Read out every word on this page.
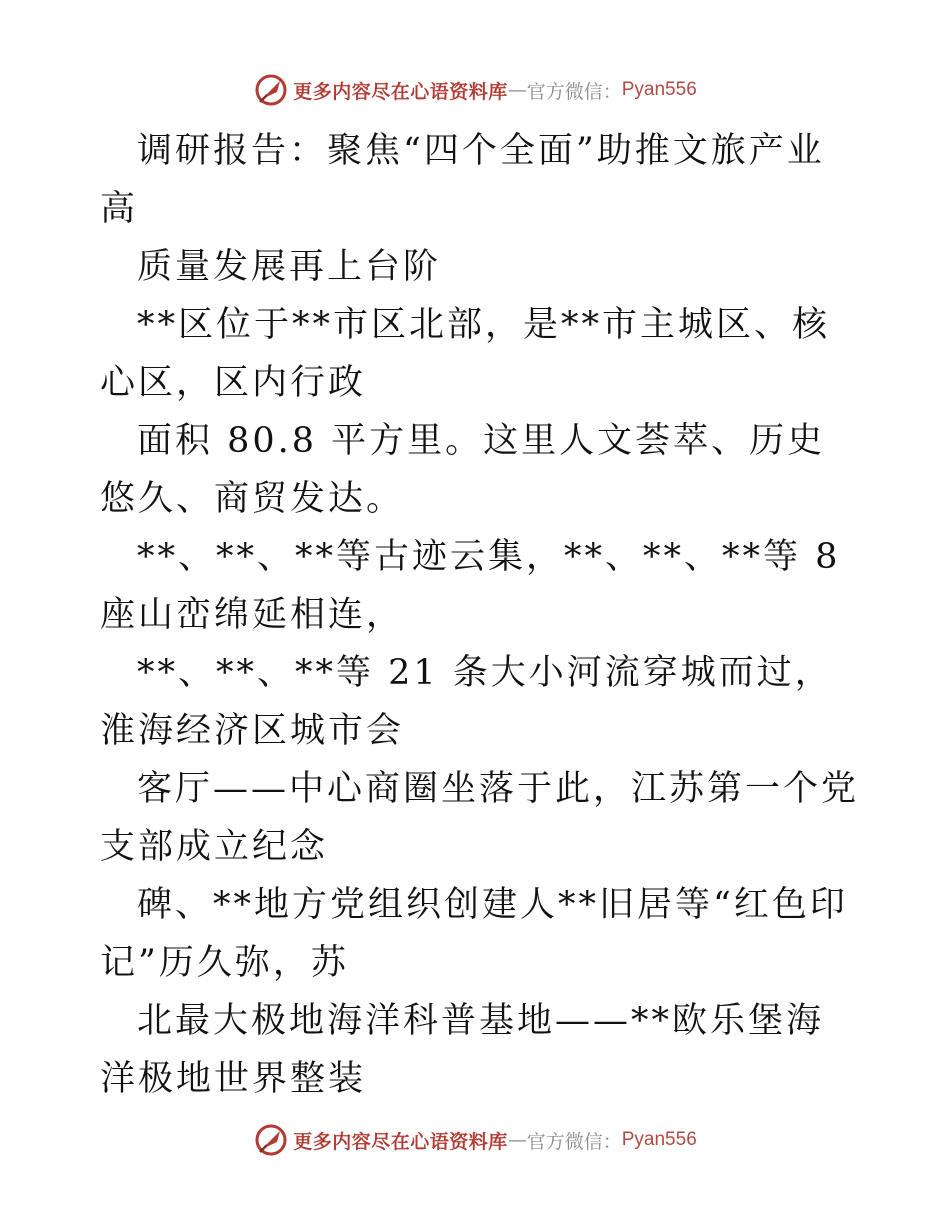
更多内容尽在心语资料库 — 官方微信： Pyan556

调研报告：聚焦“四个全面”助推文旅产业高

质量发展再上台阶

**区位于**市区北部，是**市主城区、核心区，区内行政

面积 80.8 平方里。这里人文荟萃、历史悠久、商贸发达。

**、**、**等古迹云集，**、**、**等 8 座山峦绵延相连，

**、**、**等 21 条大小河流穿城而过，淮海经济区城市会

客厅——中心商圈坐落于此，江苏第一个党支部成立纪念

碑、**地方党组织创建人**旧居等“红色印记”历久弥，苏

北最大极地海洋科普基地——**欧乐堡海洋极地世界整装

更多内容尽在心语资料库 — 官方微信： Pyan556
